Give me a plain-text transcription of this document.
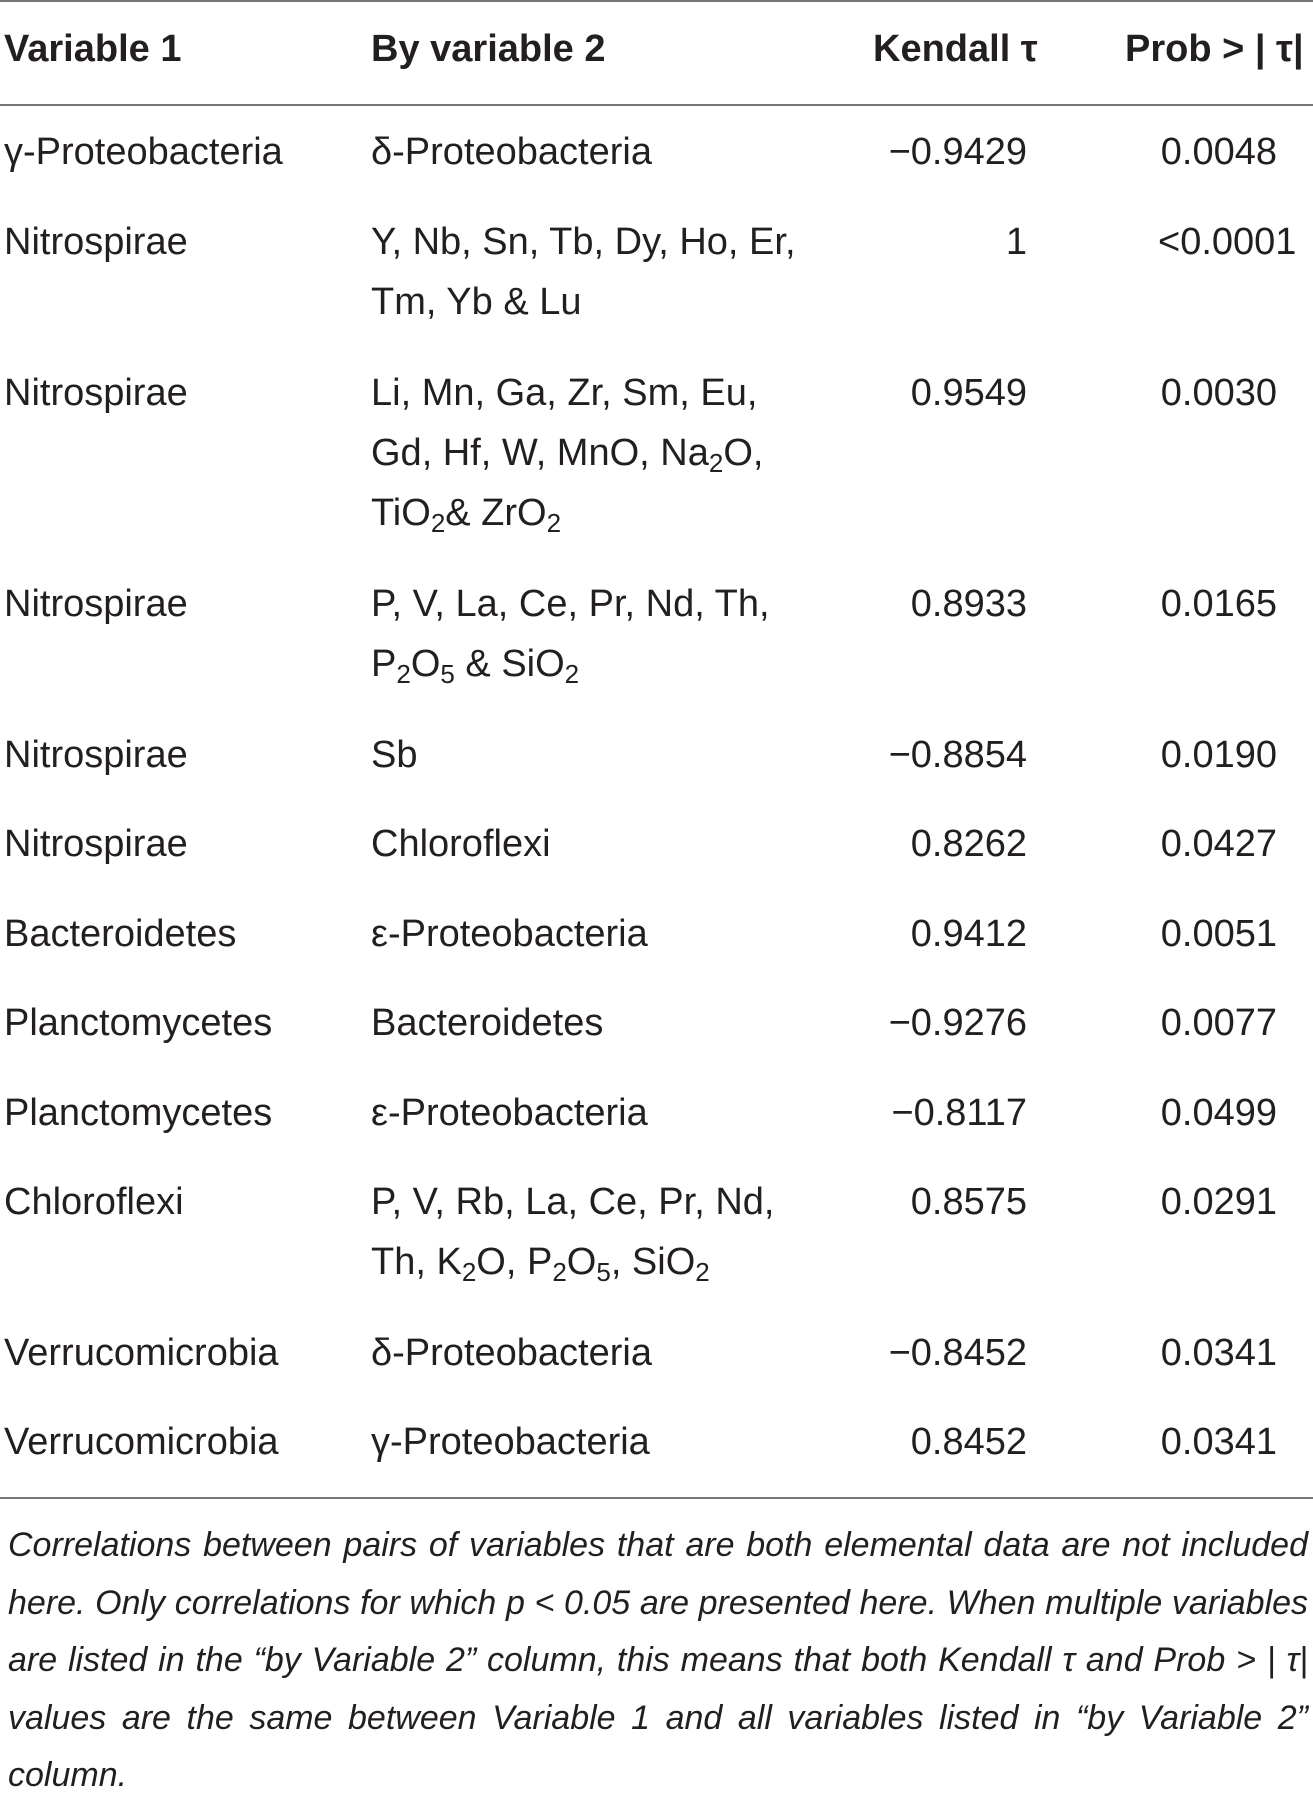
Variable 1	By variable 2	Kendall τ Prob > | τ|
γ-Proteobacteria δ-Proteobacteria	−0.9429	0.0048
Nitrospirae	Y, Nb, Sn, Tb, Dy, Ho, Er,
Tm, Yb & Lu
1	<0.0001
Nitrospirae	Li, Mn, Ga, Zr, Sm, Eu,
Gd, Hf, W, MnO, $Na_2O$,
TiO$_2$& ZrO$_2$
0.9549	0.0030
Nitrospirae	P, V, La, Ce, Pr, Nd, Th,
$P_2O_5$ & SiO$_2$
0.8933	0.0165
Nitrospirae	Sb	−0.8854	0.0190
Nitrospirae	Chloroflexi	0.8262	0.0427
Bacteroidetes	ε-Proteobacteria	0.9412	0.0051
Planctomycetes	Bacteroidetes	−0.9276	0.0077
Planctomycetes	ε-Proteobacteria	−0.8117	0.0499
Chloroflexi	P, V, Rb, La, Ce, Pr, Nd,
Th, $K_2O$, $P_2O_5$, SiO$_2$
0.8575	0.0291
Verrucomicrobia δ-Proteobacteria	−0.8452	0.0341
Verrucomicrobia γ-Proteobacteria	0.8452	0.0341
Correlations between pairs of variables that are both elemental data are not included here. Only correlations for which p < 0.05 are presented here. When multiple variables are listed in the “by Variable 2” column, this means that both Kendall τ and Prob > | τ| values are the same between Variable 1 and all variables listed in “by Variable 2” column.
